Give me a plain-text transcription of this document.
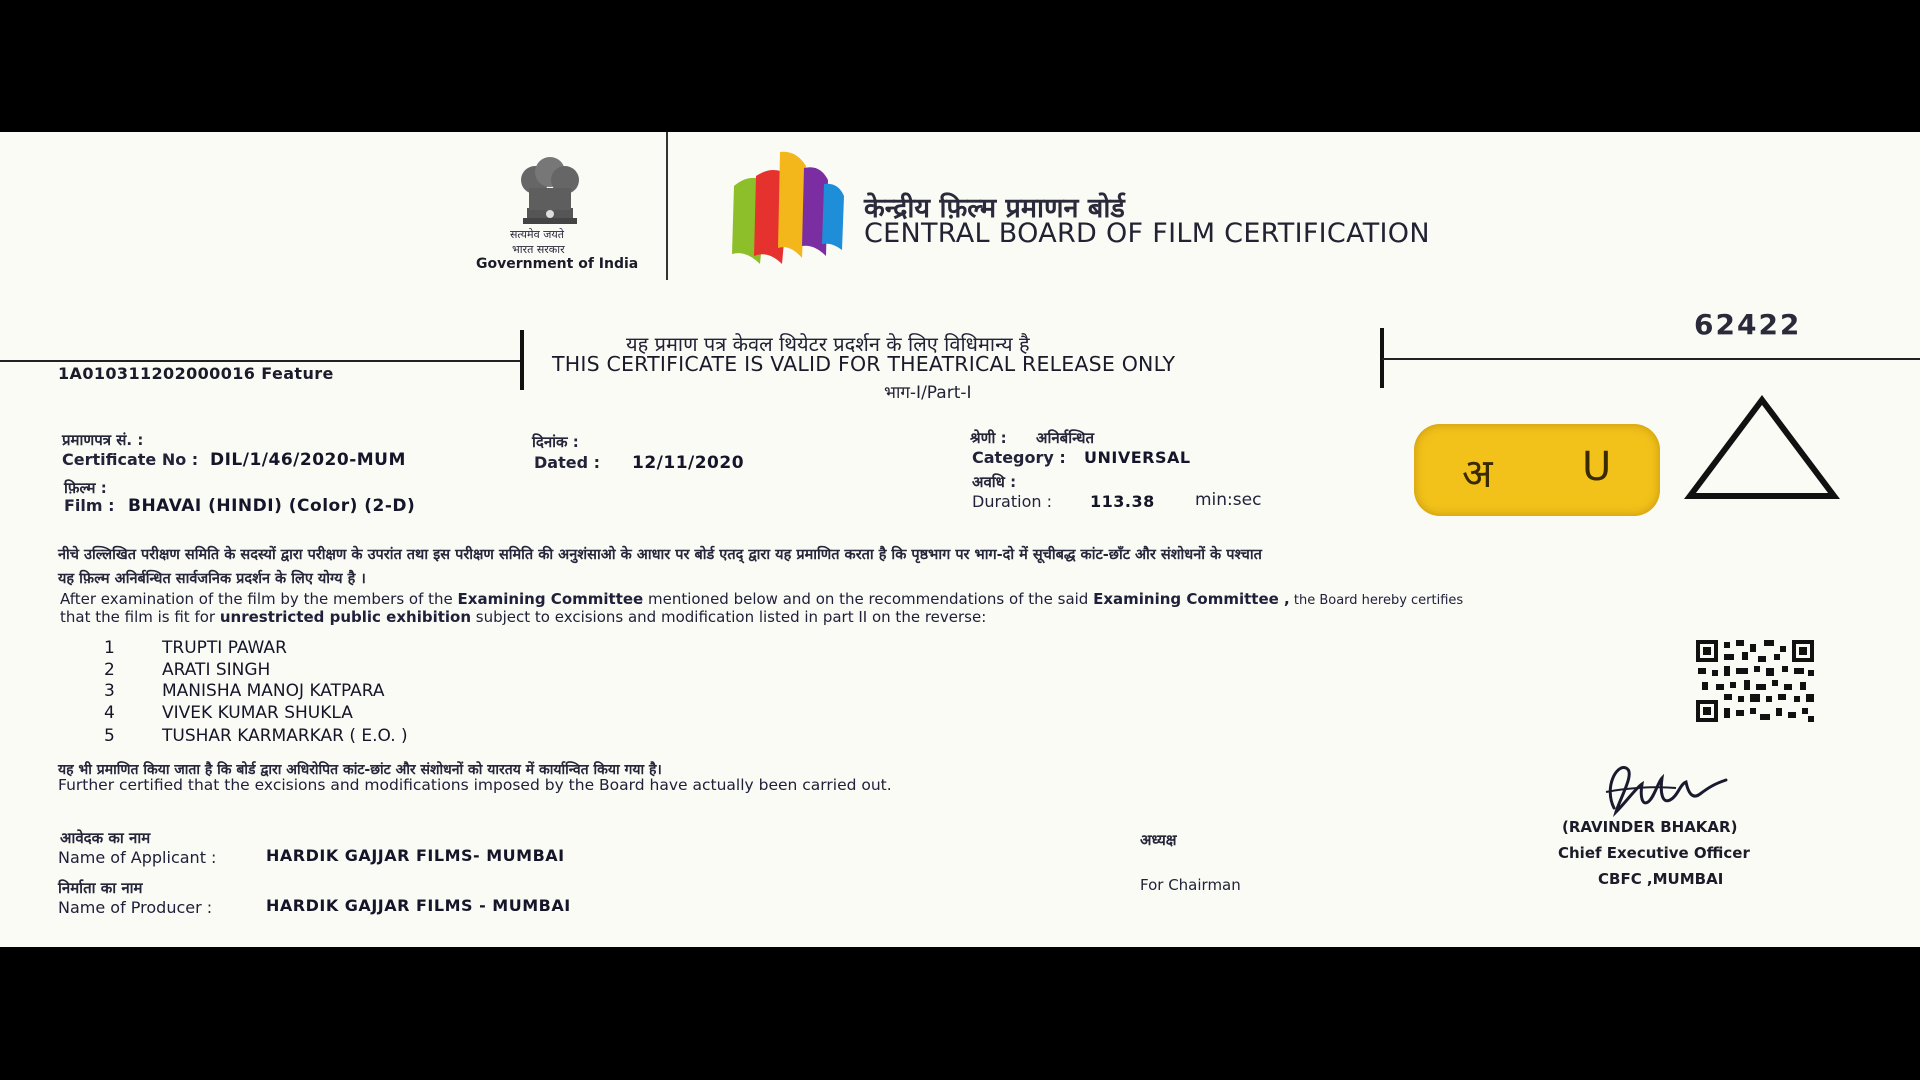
सत्यमेव जयते
भारत सरकार
Government of India
केन्द्रीय फ़िल्म प्रमाणन बोर्ड
CENTRAL BOARD OF FILM CERTIFICATION
62422
1A010311202000016 Feature
यह प्रमाण पत्र केवल थियेटर प्रदर्शन के लिए विधिमान्य है
THIS CERTIFICATE IS VALID FOR THEATRICAL RELEASE ONLY
भाग-I/Part-I
प्रमाणपत्र सं. :
Certificate No : DIL/1/46/2020-MUM
फ़िल्म :
Film : BHAVAI (HINDI) (Color) (2-D)
दिनांक :
Dated : 12/11/2020
श्रेणी : अनिर्बन्धित
Category : UNIVERSAL
अवधि :
Duration : 113.38 min:sec
अ U
नीचे उल्लिखित परीक्षण समिति के सदस्यों द्वारा परीक्षण के उपरांत तथा इस परीक्षण समिति की अनुशंसाओ के आधार पर बोर्ड एतद् द्वारा यह प्रमाणित करता है कि पृष्ठभाग पर भाग-दो में सूचीबद्ध कांट-छाँट और संशोधनों के पश्चात
यह फ़िल्म अनिर्बन्धित सार्वजनिक प्रदर्शन के लिए योग्य है ।
After examination of the film by the members of the Examining Committee mentioned below and on the recommendations of the said Examining Committee , the Board hereby certifies
that the film is fit for unrestricted public exhibition subject to excisions and modification listed in part II on the reverse:
1	TRUPTI PAWAR
2	ARATI SINGH
3	MANISHA MANOJ KATPARA
4	VIVEK KUMAR SHUKLA
5	TUSHAR KARMARKAR ( E.O. )
यह भी प्रमाणित किया जाता है कि बोर्ड द्वारा अधिरोपित कांट-छांट और संशोधनों को यारतय में कार्यान्वित किया गया है।
Further certified that the excisions and modifications imposed by the Board have actually been carried out.
(RAVINDER BHAKAR)
Chief Executive Officer
CBFC ,MUMBAI
अध्यक्ष
For Chairman
आवेदक का नाम
Name of Applicant :	HARDIK GAJJAR FILMS- MUMBAI
निर्माता का नाम
Name of Producer :	HARDIK GAJJAR FILMS - MUMBAI
